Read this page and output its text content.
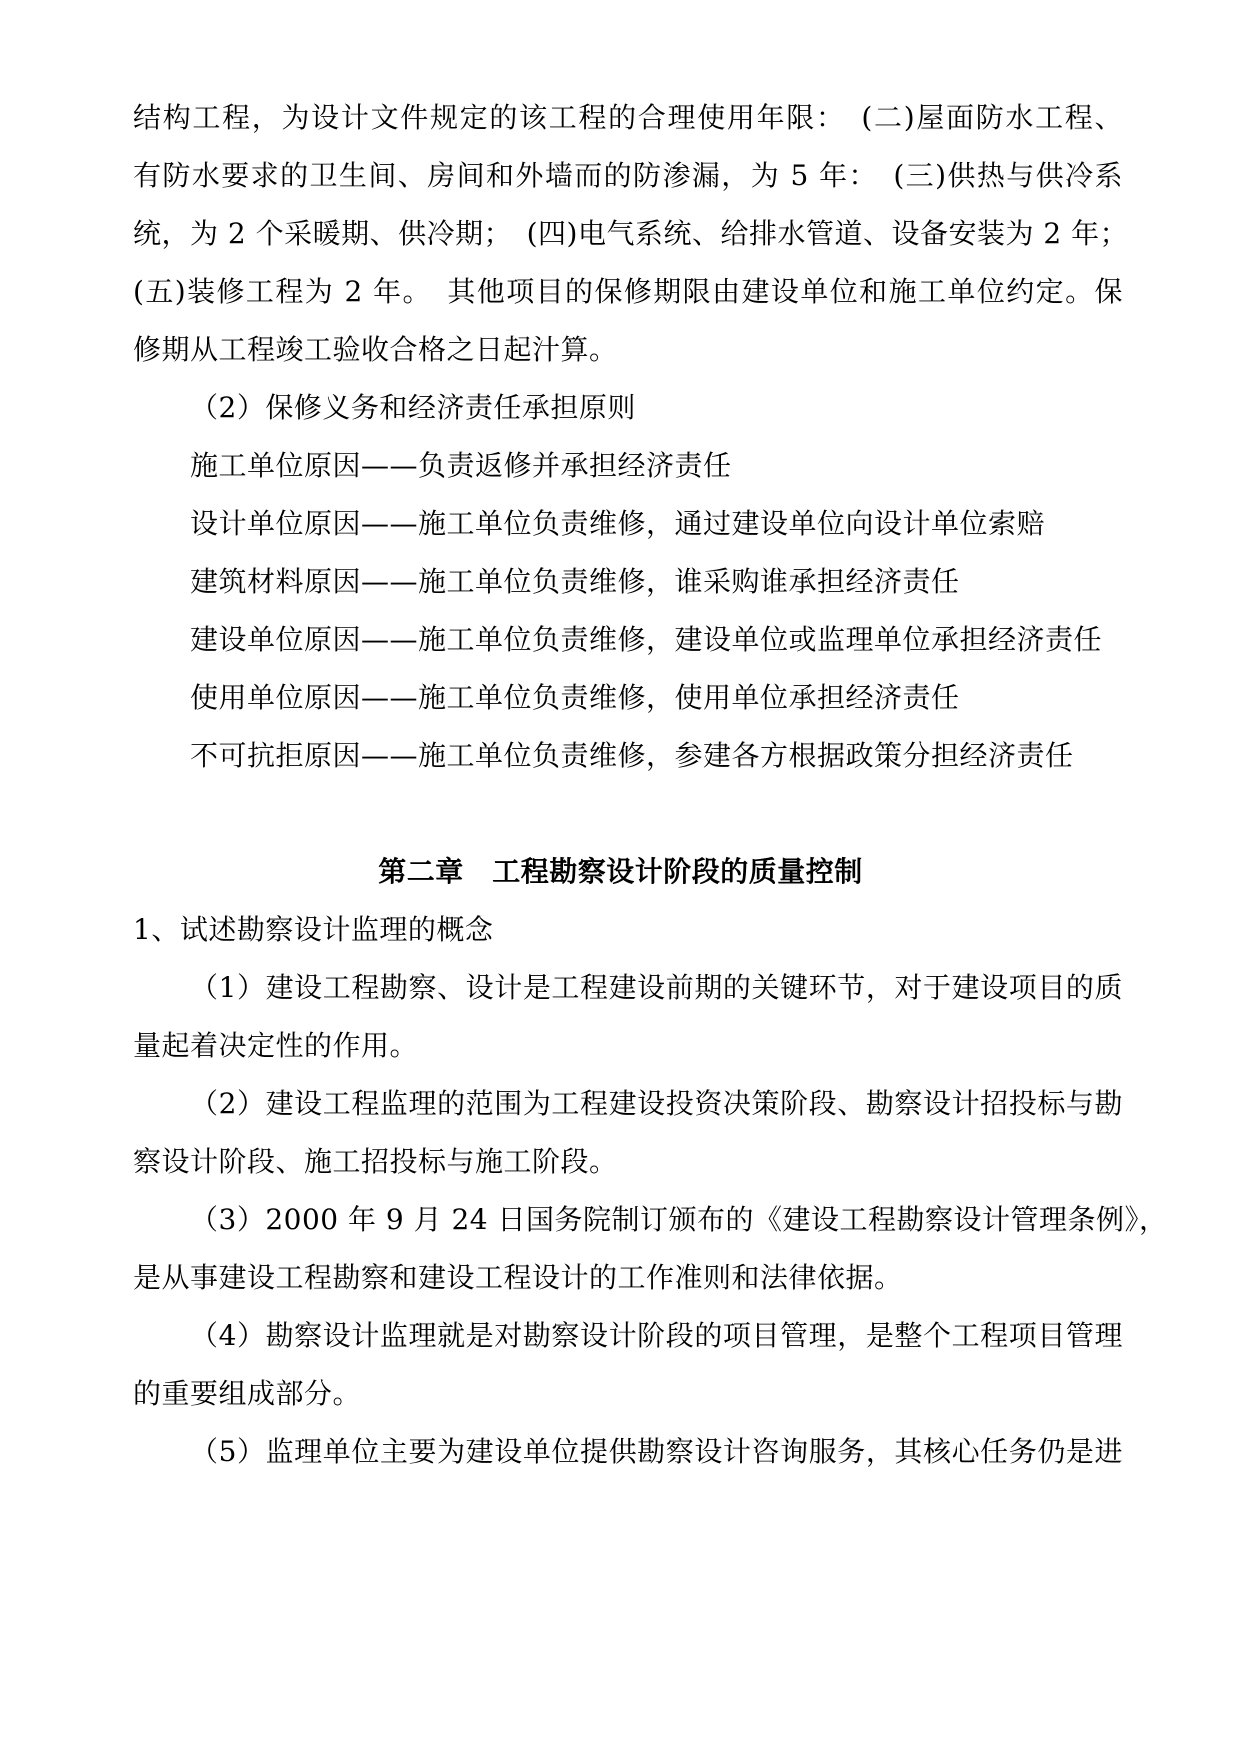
结构工程，为设计文件规定的该工程的合理使用年限：　(二)屋面防水工程、
有防水要求的卫生间、房间和外墙而的防渗漏，为 5 年：　(三)供热与供冷系
统，为 2 个采暖期、供冷期；　(四)电气系统、给排水管道、设备安装为 2 年；
(五)装修工程为 2 年。　其他项目的保修期限由建设单位和施工单位约定。保
修期从工程竣工验收合格之日起汁算。
（2）保修义务和经济责任承担原则
施工单位原因——负责返修并承担经济责任
设计单位原因——施工单位负责维修，通过建设单位向设计单位索赔
建筑材料原因——施工单位负责维修，谁采购谁承担经济责任
建设单位原因——施工单位负责维修，建设单位或监理单位承担经济责任
使用单位原因——施工单位负责维修，使用单位承担经济责任
不可抗拒原因——施工单位负责维修，参建各方根据政策分担经济责任
第二章　工程勘察设计阶段的质量控制
1、试述勘察设计监理的概念
（1）建设工程勘察、设计是工程建设前期的关键环节，对于建设项目的质
量起着决定性的作用。
（2）建设工程监理的范围为工程建设投资决策阶段、勘察设计招投标与勘
察设计阶段、施工招投标与施工阶段。
（3）2000 年 9 月 24 日国务院制订颁布的《建设工程勘察设计管理条例》，
是从事建设工程勘察和建设工程设计的工作准则和法律依据。
（4）勘察设计监理就是对勘察设计阶段的项目管理，是整个工程项目管理
的重要组成部分。
（5）监理单位主要为建设单位提供勘察设计咨询服务，其核心任务仍是进
